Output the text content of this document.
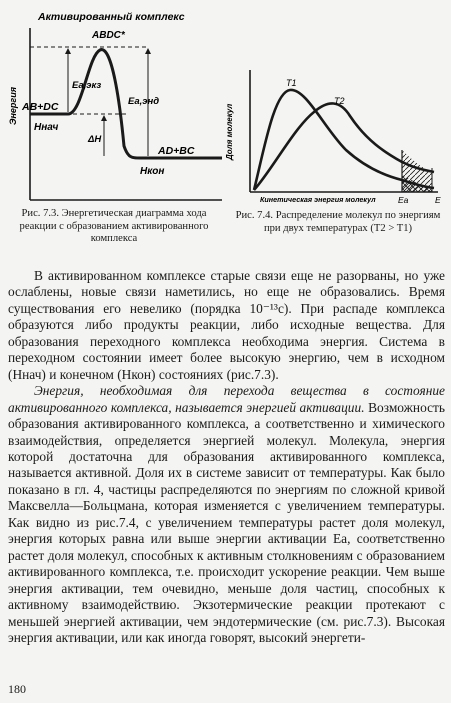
Активированный комплекс
Энергия
ABDC*
Ea,экз
Ea,энд
ΔH
AB+DC
Hнач
AD+BC
Hкон
Рис. 7.3. Энергетическая диаграмма хода реакции с образованием активированного комплекса
Доля молекул
Кинетическая энергия молекул
T1
T2
Ea	E
Рис. 7.4. Распределение молекул по энергиям при двух температурах (T2 > T1)

В активированном комплексе старые связи еще не разорваны, но уже ослаблены, новые связи наметились, но еще не образовались. Время существования его невелико (порядка 10⁻¹³с). При распаде комплекса образуются либо продукты реакции, либо исходные вещества. Для образования переходного комплекса необходима энергия. Система в переходном состоянии имеет более высокую энергию, чем в исходном (Hнач) и конечном (Hкон) состояниях (рис.7.3).

Энергия, необходимая для перехода вещества в состояние активированного комплекса, называется энергией активации. Возможность образования активированного комплекса, а соответственно и химического взаимодействия, определяется энергией молекул. Молекула, энергия которой достаточна для образования активированного комплекса, называется активной. Доля их в системе зависит от температуры. Как было показано в гл. 4, частицы распределяются по энергиям по сложной кривой Максвелла—Больцмана, которая изменяется с увеличением температуры. Как видно из рис.7.4, с увеличением температуры растет доля молекул, энергия которых равна или выше энергии активации Ea, соответственно растет доля молекул, способных к активным столкновениям с образованием активированного комплекса, т.е. происходит ускорение реакции. Чем выше энергия активации, тем очевидно, меньше доля частиц, способных к активному взаимодействию. Экзотермические реакции протекают с меньшей энергией активации, чем эндотермические (см. рис.7.3). Высокая энергия активации, или как иногда говорят, высокий энергети-

180
